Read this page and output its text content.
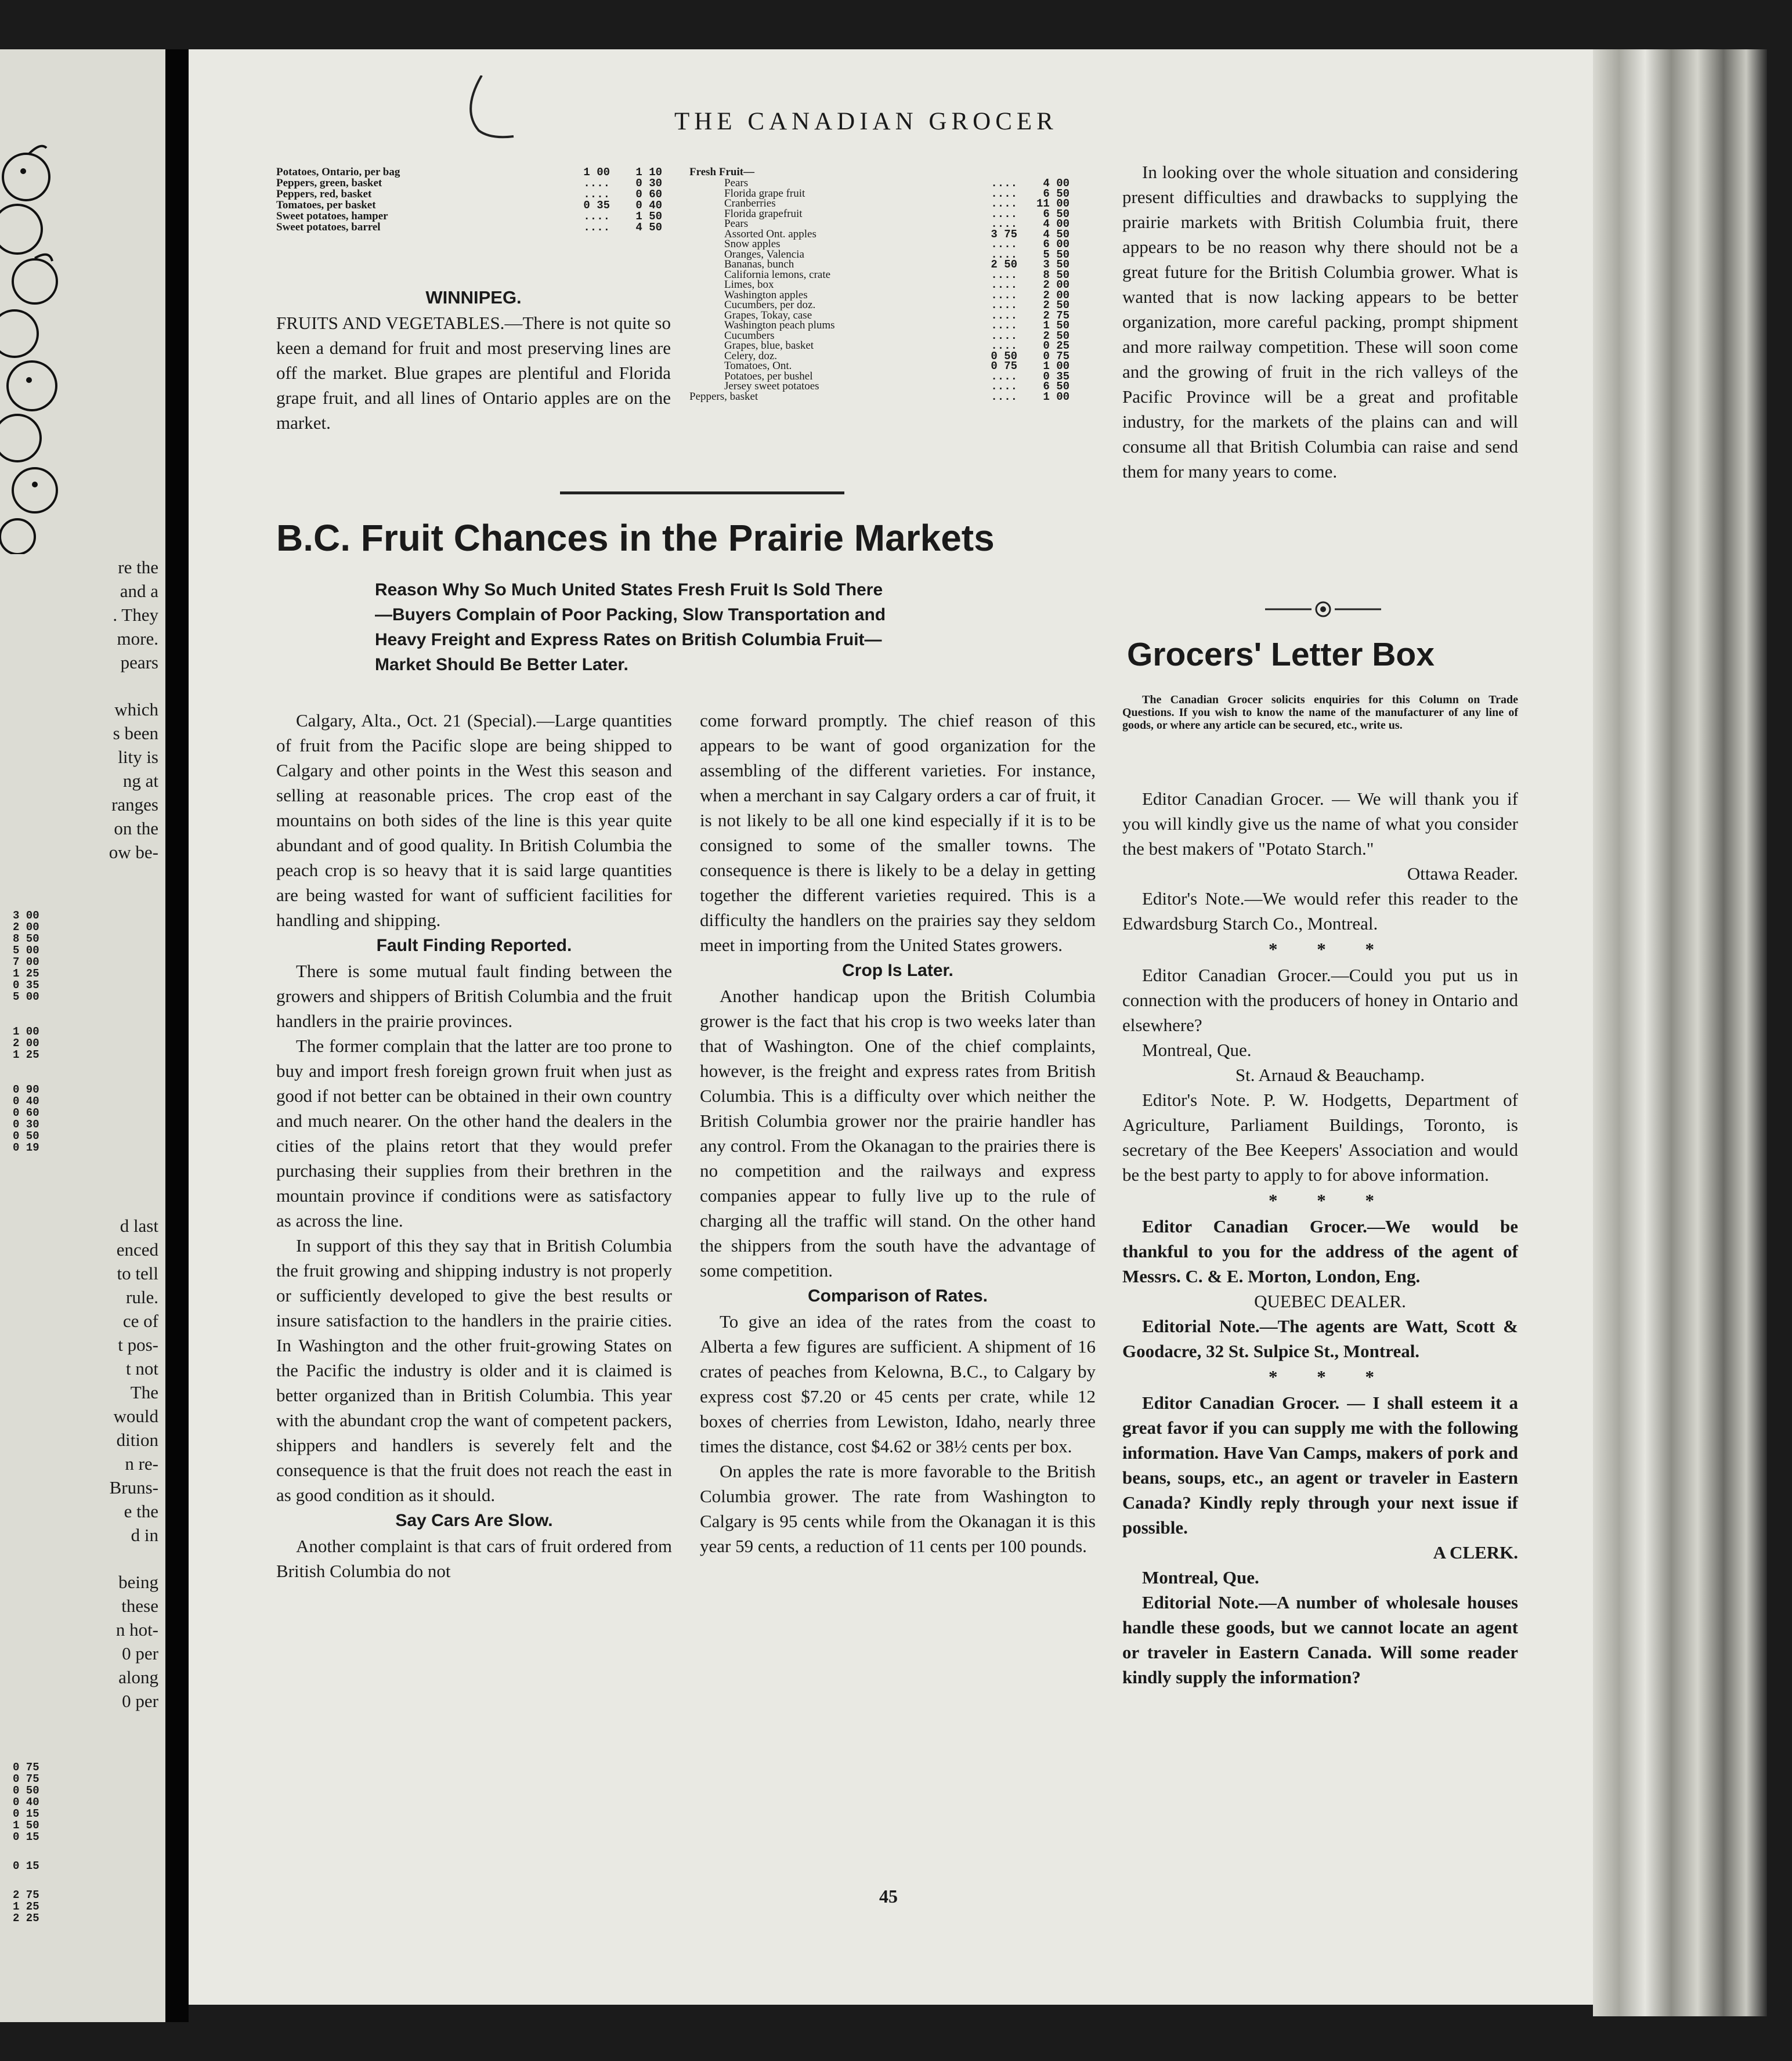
re the
and a
. They
more.
pears
which
s been
lity is
ng at
ranges
on the
ow be-
3 00
2 00
8 50
5 00
7 00
1 25
0 35
5 00
1 00
2 00
1 25
0 90
0 40
0 60
0 30
0 50
0 19
d last
enced
to tell
rule.
ce of
t pos-
t not
The
would
dition
n re-
Bruns-
e the
d in
being
these
n hot-
0 per
along
0 per
0 75
0 75
0 50
0 40
0 15
1 50
0 15
0 15
2 75
1 25
2 25
THE CANADIAN GROCER
Potatoes, Ontario, per bag	1 00	1 10
Peppers, green, basket	....	0 30
Peppers, red, basket	....	0 60
Tomatoes, per basket	0 35	0 40
Sweet potatoes, hamper	....	1 50
Sweet potatoes, barrel	....	4 50
WINNIPEG.

FRUITS AND VEGETABLES.—There is not quite so keen a demand for fruit and most preserving lines are off the market. Blue grapes are plentiful and Florida grape fruit, and all lines of Ontario apples are on the market.

Fresh Fruit—
Pears	....	4 00
Florida grape fruit	....	6 50
Cranberries	....	11 00
Florida grapefruit	....	6 50
Pears	....	4 00
Assorted Ont. apples	3 75	4 50
Snow apples	....	6 00
Oranges, Valencia	....	5 50
Bananas, bunch	2 50	3 50
California lemons, crate	....	8 50
Limes, box	....	2 00
Washington apples	....	2 00
Cucumbers, per doz.	....	2 50
Grapes, Tokay, case	....	2 75
Washington peach plums	....	1 50
Cucumbers	....	2 50
Grapes, blue, basket	....	0 25
Celery, doz.	0 50	0 75
Tomatoes, Ont.	0 75	1 00
Potatoes, per bushel	....	0 35
Jersey sweet potatoes	....	6 50
Peppers, basket	....	1 00
B.C. Fruit Chances in the Prairie Markets
Reason Why So Much United States Fresh Fruit Is Sold There
—Buyers Complain of Poor Packing, Slow Transportation and
Heavy Freight and Express Rates on British Columbia Fruit—
Market Should Be Better Later.

Calgary, Alta., Oct. 21 (Special).—Large quantities of fruit from the Pacific slope are being shipped to Calgary and other points in the West this season and selling at reasonable prices. The crop east of the mountains on both sides of the line is this year quite abundant and of good quality. In British Columbia the peach crop is so heavy that it is said large quantities are being wasted for want of sufficient facilities for handling and shipping.

Fault Finding Reported.

There is some mutual fault finding between the growers and shippers of British Columbia and the fruit handlers in the prairie provinces.

The former complain that the latter are too prone to buy and import fresh foreign grown fruit when just as good if not better can be obtained in their own country and much nearer. On the other hand the dealers in the cities of the plains retort that they would prefer purchasing their supplies from their brethren in the mountain province if conditions were as satisfactory as across the line.

In support of this they say that in British Columbia the fruit growing and shipping industry is not properly or sufficiently developed to give the best results or insure satisfaction to the handlers in the prairie cities. In Washington and the other fruit-growing States on the Pacific the industry is older and it is claimed is better organized than in British Columbia. This year with the abundant crop the want of competent packers, shippers and handlers is severely felt and the consequence is that the fruit does not reach the east in as good condition as it should.

Say Cars Are Slow.

Another complaint is that cars of fruit ordered from British Columbia do not

come forward promptly. The chief reason of this appears to be want of good organization for the assembling of the different varieties. For instance, when a merchant in say Calgary orders a car of fruit, it is not likely to be all one kind especially if it is to be consigned to some of the smaller towns. The consequence is there is likely to be a delay in getting together the different varieties required. This is a difficulty the handlers on the prairies say they seldom meet in importing from the United States growers.

Crop Is Later.

Another handicap upon the British Columbia grower is the fact that his crop is two weeks later than that of Washington. One of the chief complaints, however, is the freight and express rates from British Columbia. This is a difficulty over which neither the British Columbia grower nor the prairie handler has any control. From the Okanagan to the prairies there is no competition and the railways and express companies appear to fully live up to the rule of charging all the traffic will stand. On the other hand the shippers from the south have the advantage of some competition.

Comparison of Rates.

To give an idea of the rates from the coast to Alberta a few figures are sufficient. A shipment of 16 crates of peaches from Kelowna, B.C., to Calgary by express cost $7.20 or 45 cents per crate, while 12 boxes of cherries from Lewiston, Idaho, nearly three times the distance, cost $4.62 or 38½ cents per box.

On apples the rate is more favorable to the British Columbia grower. The rate from Washington to Calgary is 95 cents while from the Okanagan it is this year 59 cents, a reduction of 11 cents per 100 pounds.

45

In looking over the whole situation and considering present difficulties and drawbacks to supplying the prairie markets with British Columbia fruit, there appears to be no reason why there should not be a great future for the British Columbia grower. What is wanted that is now lacking appears to be better organization, more careful packing, prompt shipment and more railway competition. These will soon come and the growing of fruit in the rich valleys of the Pacific Province will be a great and profitable industry, for the markets of the plains can and will consume all that British Columbia can raise and send them for many years to come.

Grocers' Letter Box

The Canadian Grocer solicits enquiries for this Column on Trade Questions. If you wish to know the name of the manufacturer of any line of goods, or where any article can be secured, etc., write us.

Editor Canadian Grocer. — We will thank you if you will kindly give us the name of what you consider the best makers of "Potato Starch."

Ottawa Reader.

Editor's Note.—We would refer this reader to the Edwardsburg Starch Co., Montreal.

* * *

Editor Canadian Grocer.—Could you put us in connection with the producers of honey in Ontario and elsewhere?

Montreal, Que.

St. Arnaud & Beauchamp.

Editor's Note. P. W. Hodgetts, Department of Agriculture, Parliament Buildings, Toronto, is secretary of the Bee Keepers' Association and would be the best party to apply to for above information.

* * *

Editor Canadian Grocer.—We would be thankful to you for the address of the agent of Messrs. C. & E. Morton, London, Eng.

QUEBEC DEALER.

Editorial Note.—The agents are Watt, Scott & Goodacre, 32 St. Sulpice St., Montreal.

* * *

Editor Canadian Grocer. — I shall esteem it a great favor if you can supply me with the following information. Have Van Camps, makers of pork and beans, soups, etc., an agent or traveler in Eastern Canada? Kindly reply through your next issue if possible.

A CLERK.

Montreal, Que.

Editorial Note.—A number of wholesale houses handle these goods, but we cannot locate an agent or traveler in Eastern Canada. Will some reader kindly supply the information?
